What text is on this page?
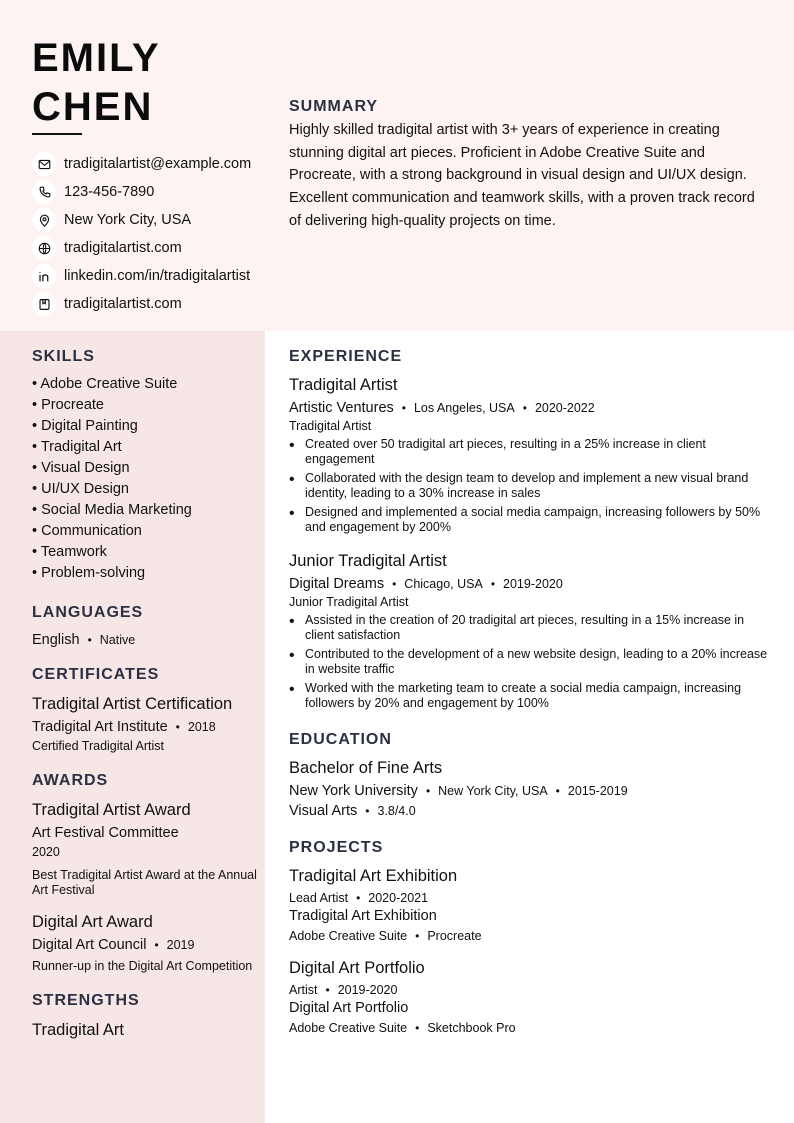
EMILY
CHEN
tradigitalartist@example.com
123-456-7890
New York City, USA
tradigitalartist.com
linkedin.com/in/tradigitalartist
tradigitalartist.com
SUMMARY

Highly skilled tradigital artist with 3+ years of experience in creating stunning digital art pieces. Proficient in Adobe Creative Suite and Procreate, with a strong background in visual design and UI/UX design. Excellent communication and teamwork skills, with a proven track record of delivering high-quality projects on time.

SKILLS
• Adobe Creative Suite
• Procreate
• Digital Painting
• Tradigital Art
• Visual Design
• UI/UX Design
• Social Media Marketing
• Communication
• Teamwork
• Problem-solving
LANGUAGES
English • Native
CERTIFICATES
Tradigital Artist Certification
Tradigital Art Institute • 2018
Certified Tradigital Artist
AWARDS
Tradigital Artist Award
Art Festival Committee
2020
Best Tradigital Artist Award at the Annual Art Festival
Digital Art Award
Digital Art Council • 2019
Runner-up in the Digital Art Competition
STRENGTHS
Tradigital Art
EXPERIENCE
Tradigital Artist
Artistic Ventures • Los Angeles, USA • 2020-2022
Tradigital Artist
• Created over 50 tradigital art pieces, resulting in a 25% increase in client engagement
• Collaborated with the design team to develop and implement a new visual brand identity, leading to a 30% increase in sales
• Designed and implemented a social media campaign, increasing followers by 50% and engagement by 200%
Junior Tradigital Artist
Digital Dreams • Chicago, USA • 2019-2020
Junior Tradigital Artist
• Assisted in the creation of 20 tradigital art pieces, resulting in a 15% increase in client satisfaction
• Contributed to the development of a new website design, leading to a 20% increase in website traffic
• Worked with the marketing team to create a social media campaign, increasing followers by 20% and engagement by 100%
EDUCATION
Bachelor of Fine Arts
New York University • New York City, USA • 2015-2019
Visual Arts • 3.8/4.0
PROJECTS
Tradigital Art Exhibition
Lead Artist • 2020-2021
Tradigital Art Exhibition
Adobe Creative Suite • Procreate
Digital Art Portfolio
Artist • 2019-2020
Digital Art Portfolio
Adobe Creative Suite • Sketchbook Pro
